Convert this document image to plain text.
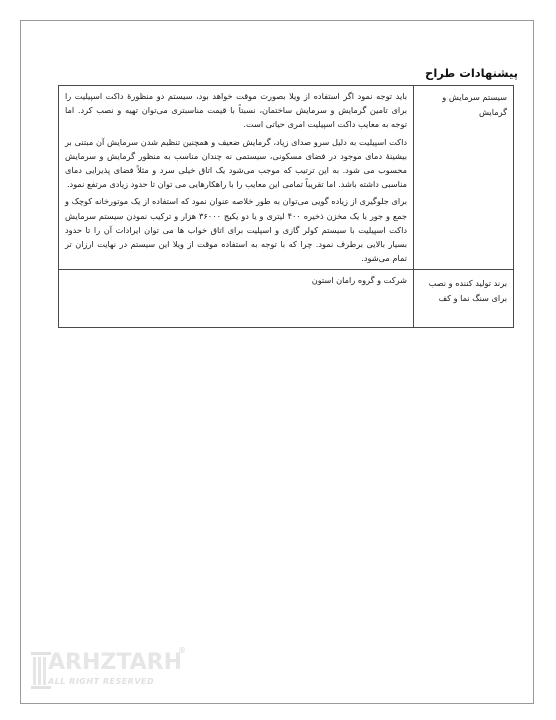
پیشنهادات طراح
سیستم سرمایش و گرمایش	باید توجه نمود اگر استفاده از ویلا بصورت موقت خواهد بود، سیستم دو منظورۀ داکت اسپیلیت را برای تامین گرمایش و سرمایش ساختمان، نسبتاً با قیمت مناسبتری می‌توان تهیه و نصب کرد. اما توجه به معایب داکت اسپیلیت امری حیاتی است.

داکت اسپیلیت به دلیل سرو صدای زیاد، گرمایش ضعیف و همچنین تنظیم شدن سرمایش آن مبتنی بر بیشینۀ دمای موجود در فضای مسکونی، سیستمی نه چندان مناسب به منظور گرمایش و سرمایش محسوب می شود. به این ترتیب که موجب می‌شود یک اتاق خیلی سرد و مثلاً فضای پذیرایی دمای مناسبی داشته باشد. اما تقریباً تمامی این معایب را با راهکارهایی می توان تا حدود زیادی مرتفع نمود.

برای جلوگیری از زیاده گویی می‌توان به طور خلاصه عنوان نمود که استفاده از یک موتورخانه کوچک و جمع و جور با یک مخزن ذخیره ۴۰۰ لیتری و یا دو یکیج ۳۶۰۰۰ هزار و ترکیب نمودن سیستم سرمایش داکت اسپیلیت با سیستم کولر گازی و اسپلیت برای اتاق خواب ها می توان ایرادات آن را تا حدود بسیار بالایی برطرف نمود. چرا که با توجه به استفاده موقت از ویلا این سیستم در نهایت ارزان تر تمام می‌شود.

برند تولید کننده و نصب برای سنگ نما و کف	شرکت و گروه رامان استون

ARHZTARH
®
ALL RIGHT RESERVED
